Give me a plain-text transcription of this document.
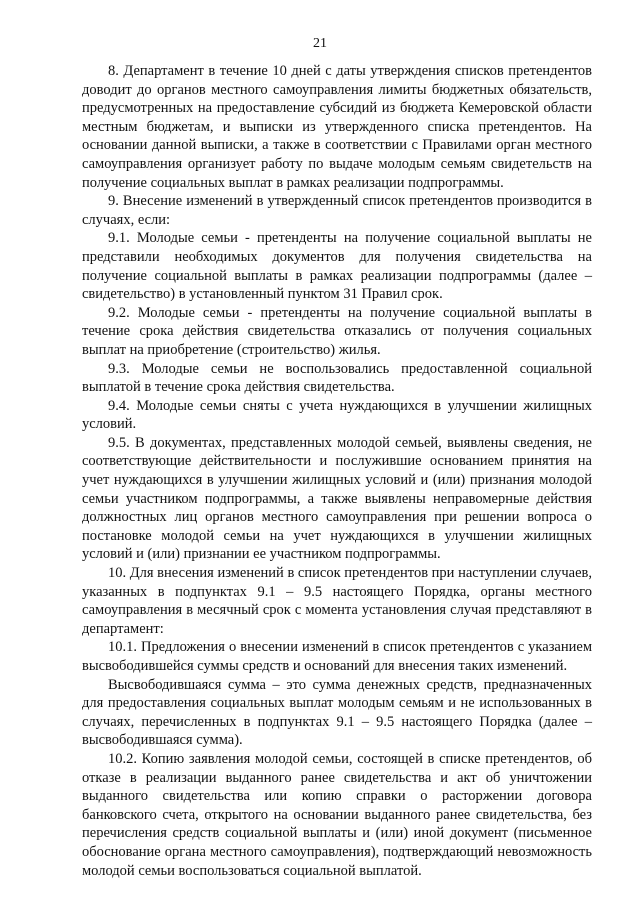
21

8. Департамент в течение 10 дней с даты утверждения списков претендентов доводит до органов местного самоуправления лимиты бюджетных обязательств, предусмотренных на предоставление субсидий из бюджета Кемеровской области местным бюджетам, и выписки из утвержденного списка претендентов. На основании данной выписки, а также в соответствии с Правилами орган местного самоуправления организует работу по выдаче молодым семьям свидетельств на получение социальных выплат в рамках реализации подпрограммы.

9. Внесение изменений в утвержденный список претендентов производится в случаях, если:

9.1. Молодые семьи - претенденты на получение социальной выплаты не представили необходимых документов для получения свидетельства на получение социальной выплаты в рамках реализации подпрограммы (далее – свидетельство) в установленный пунктом 31 Правил срок.

9.2. Молодые семьи - претенденты на получение социальной выплаты в течение срока действия свидетельства отказались от получения социальных выплат на приобретение (строительство) жилья.

9.3. Молодые семьи не воспользовались предоставленной социальной выплатой в течение срока действия свидетельства.

9.4. Молодые семьи сняты с учета нуждающихся в улучшении жилищных условий.

9.5. В документах, представленных молодой семьей, выявлены сведения, не соответствующие действительности и послужившие основанием принятия на учет нуждающихся в улучшении жилищных условий и (или) признания молодой семьи участником подпрограммы, а также выявлены неправомерные действия должностных лиц органов местного самоуправления при решении вопроса о постановке молодой семьи на учет нуждающихся в улучшении жилищных условий и (или) признании ее участником подпрограммы.

10. Для внесения изменений в список претендентов при наступлении случаев, указанных в подпунктах 9.1 – 9.5 настоящего Порядка, органы местного самоуправления в месячный срок с момента установления случая представляют в департамент:

10.1. Предложения о внесении изменений в список претендентов с указанием высвободившейся суммы средств и оснований для внесения таких изменений.

Высвободившаяся сумма – это сумма денежных средств, предназначенных для предоставления социальных выплат молодым семьям и не использованных в случаях, перечисленных в подпунктах 9.1 – 9.5 настоящего Порядка (далее – высвободившаяся сумма).

10.2. Копию заявления молодой семьи, состоящей в списке претендентов, об отказе в реализации выданного ранее свидетельства и акт об уничтожении выданного свидетельства или копию справки о расторжении договора банковского счета, открытого на основании выданного ранее свидетельства, без перечисления средств социальной выплаты и (или) иной документ (письменное обоснование органа местного самоуправления), подтверждающий невозможность молодой семьи воспользоваться социальной выплатой.
